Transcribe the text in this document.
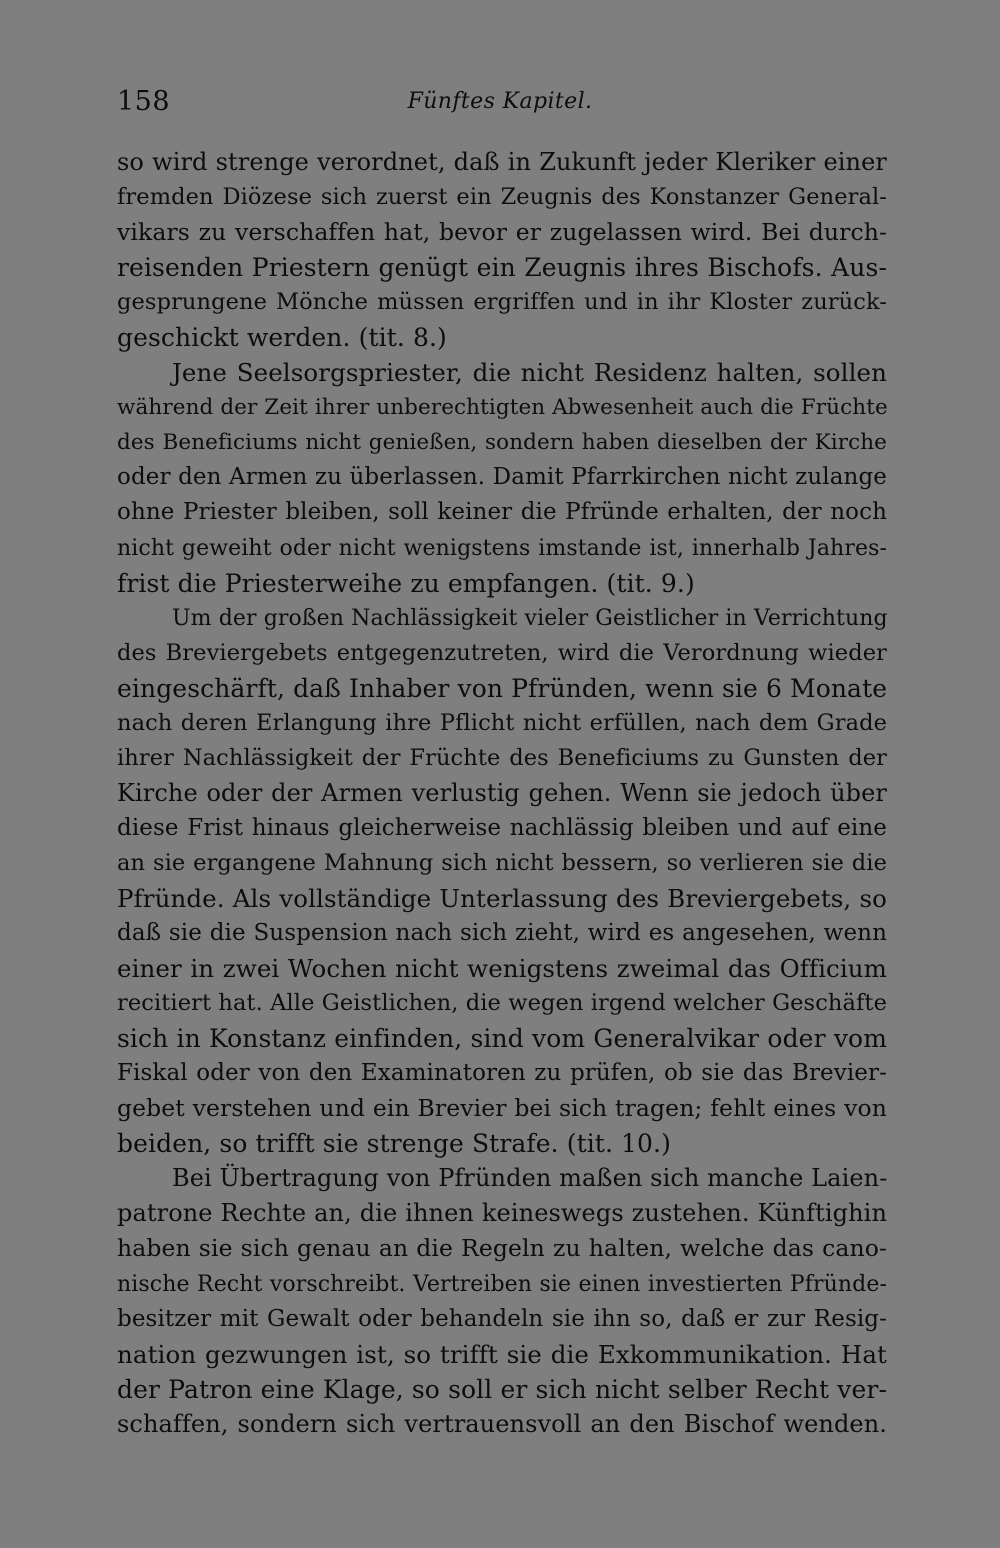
158	Fünftes Kapitel.
so wird strenge verordnet, daß in Zukunft jeder Kleriker einer
fremden Diözese sich zuerst ein Zeugnis des Konstanzer General-
vikars zu verschaffen hat, bevor er zugelassen wird. Bei durch-
reisenden Priestern genügt ein Zeugnis ihres Bischofs. Aus-
gesprungene Mönche müssen ergriffen und in ihr Kloster zurück-
geschickt werden. (tit. 8.)
Jene Seelsorgspriester, die nicht Residenz halten, sollen
während der Zeit ihrer unberechtigten Abwesenheit auch die Früchte
des Beneficiums nicht genießen, sondern haben dieselben der Kirche
oder den Armen zu überlassen. Damit Pfarrkirchen nicht zulange
ohne Priester bleiben, soll keiner die Pfründe erhalten, der noch
nicht geweiht oder nicht wenigstens imstande ist, innerhalb Jahres-
frist die Priesterweihe zu empfangen. (tit. 9.)
Um der großen Nachlässigkeit vieler Geistlicher in Verrichtung
des Breviergebets entgegenzutreten, wird die Verordnung wieder
eingeschärft, daß Inhaber von Pfründen, wenn sie 6 Monate
nach deren Erlangung ihre Pflicht nicht erfüllen, nach dem Grade
ihrer Nachlässigkeit der Früchte des Beneficiums zu Gunsten der
Kirche oder der Armen verlustig gehen. Wenn sie jedoch über
diese Frist hinaus gleicherweise nachlässig bleiben und auf eine
an sie ergangene Mahnung sich nicht bessern, so verlieren sie die
Pfründe. Als vollständige Unterlassung des Breviergebets, so
daß sie die Suspension nach sich zieht, wird es angesehen, wenn
einer in zwei Wochen nicht wenigstens zweimal das Officium
recitiert hat. Alle Geistlichen, die wegen irgend welcher Geschäfte
sich in Konstanz einfinden, sind vom Generalvikar oder vom
Fiskal oder von den Examinatoren zu prüfen, ob sie das Brevier-
gebet verstehen und ein Brevier bei sich tragen; fehlt eines von
beiden, so trifft sie strenge Strafe. (tit. 10.)
Bei Übertragung von Pfründen maßen sich manche Laien-
patrone Rechte an, die ihnen keineswegs zustehen. Künftighin
haben sie sich genau an die Regeln zu halten, welche das cano-
nische Recht vorschreibt. Vertreiben sie einen investierten Pfründe-
besitzer mit Gewalt oder behandeln sie ihn so, daß er zur Resig-
nation gezwungen ist, so trifft sie die Exkommunikation. Hat
der Patron eine Klage, so soll er sich nicht selber Recht ver-
schaffen, sondern sich vertrauensvoll an den Bischof wenden.
